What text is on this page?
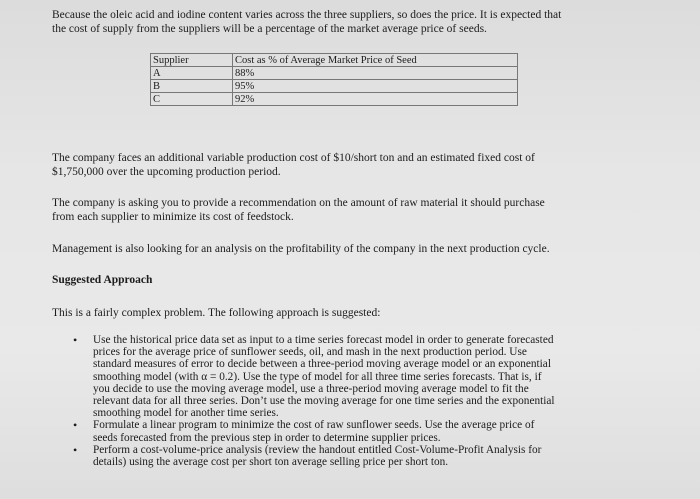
Because the oleic acid and iodine content varies across the three suppliers, so does the price. It is expected that
the cost of supply from the suppliers will be a percentage of the market average price of seeds.
Supplier	Cost as % of Average Market Price of Seed
A	88%
B	95%
C	92%
The company faces an additional variable production cost of $10/short ton and an estimated fixed cost of
$1,750,000 over the upcoming production period.
The company is asking you to provide a recommendation on the amount of raw material it should purchase
from each supplier to minimize its cost of feedstock.
Management is also looking for an analysis on the profitability of the company in the next production cycle.
Suggested Approach
This is a fairly complex problem. The following approach is suggested:
• Use the historical price data set as input to a time series forecast model in order to generate forecasted
prices for the average price of sunflower seeds, oil, and mash in the next production period. Use
standard measures of error to decide between a three-period moving average model or an exponential
smoothing model (with α = 0.2). Use the type of model for all three time series forecasts. That is, if
you decide to use the moving average model, use a three-period moving average model to fit the
relevant data for all three series. Don’t use the moving average for one time series and the exponential
smoothing model for another time series.
• Formulate a linear program to minimize the cost of raw sunflower seeds. Use the average price of
seeds forecasted from the previous step in order to determine supplier prices.
• Perform a cost-volume-price analysis (review the handout entitled Cost-Volume-Profit Analysis for
details) using the average cost per short ton average selling price per short ton.
